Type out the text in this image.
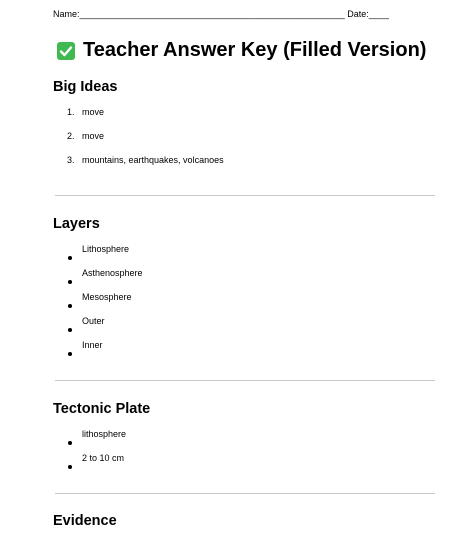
Name:_____________________________________________________ Date:____
Teacher Answer Key (Filled Version)
Big Ideas
1. move
2. move
3. mountains, earthquakes, volcanoes
Layers
Lithosphere
Asthenosphere
Mesosphere
Outer
Inner
Tectonic Plate
lithosphere
2 to 10 cm
Evidence
